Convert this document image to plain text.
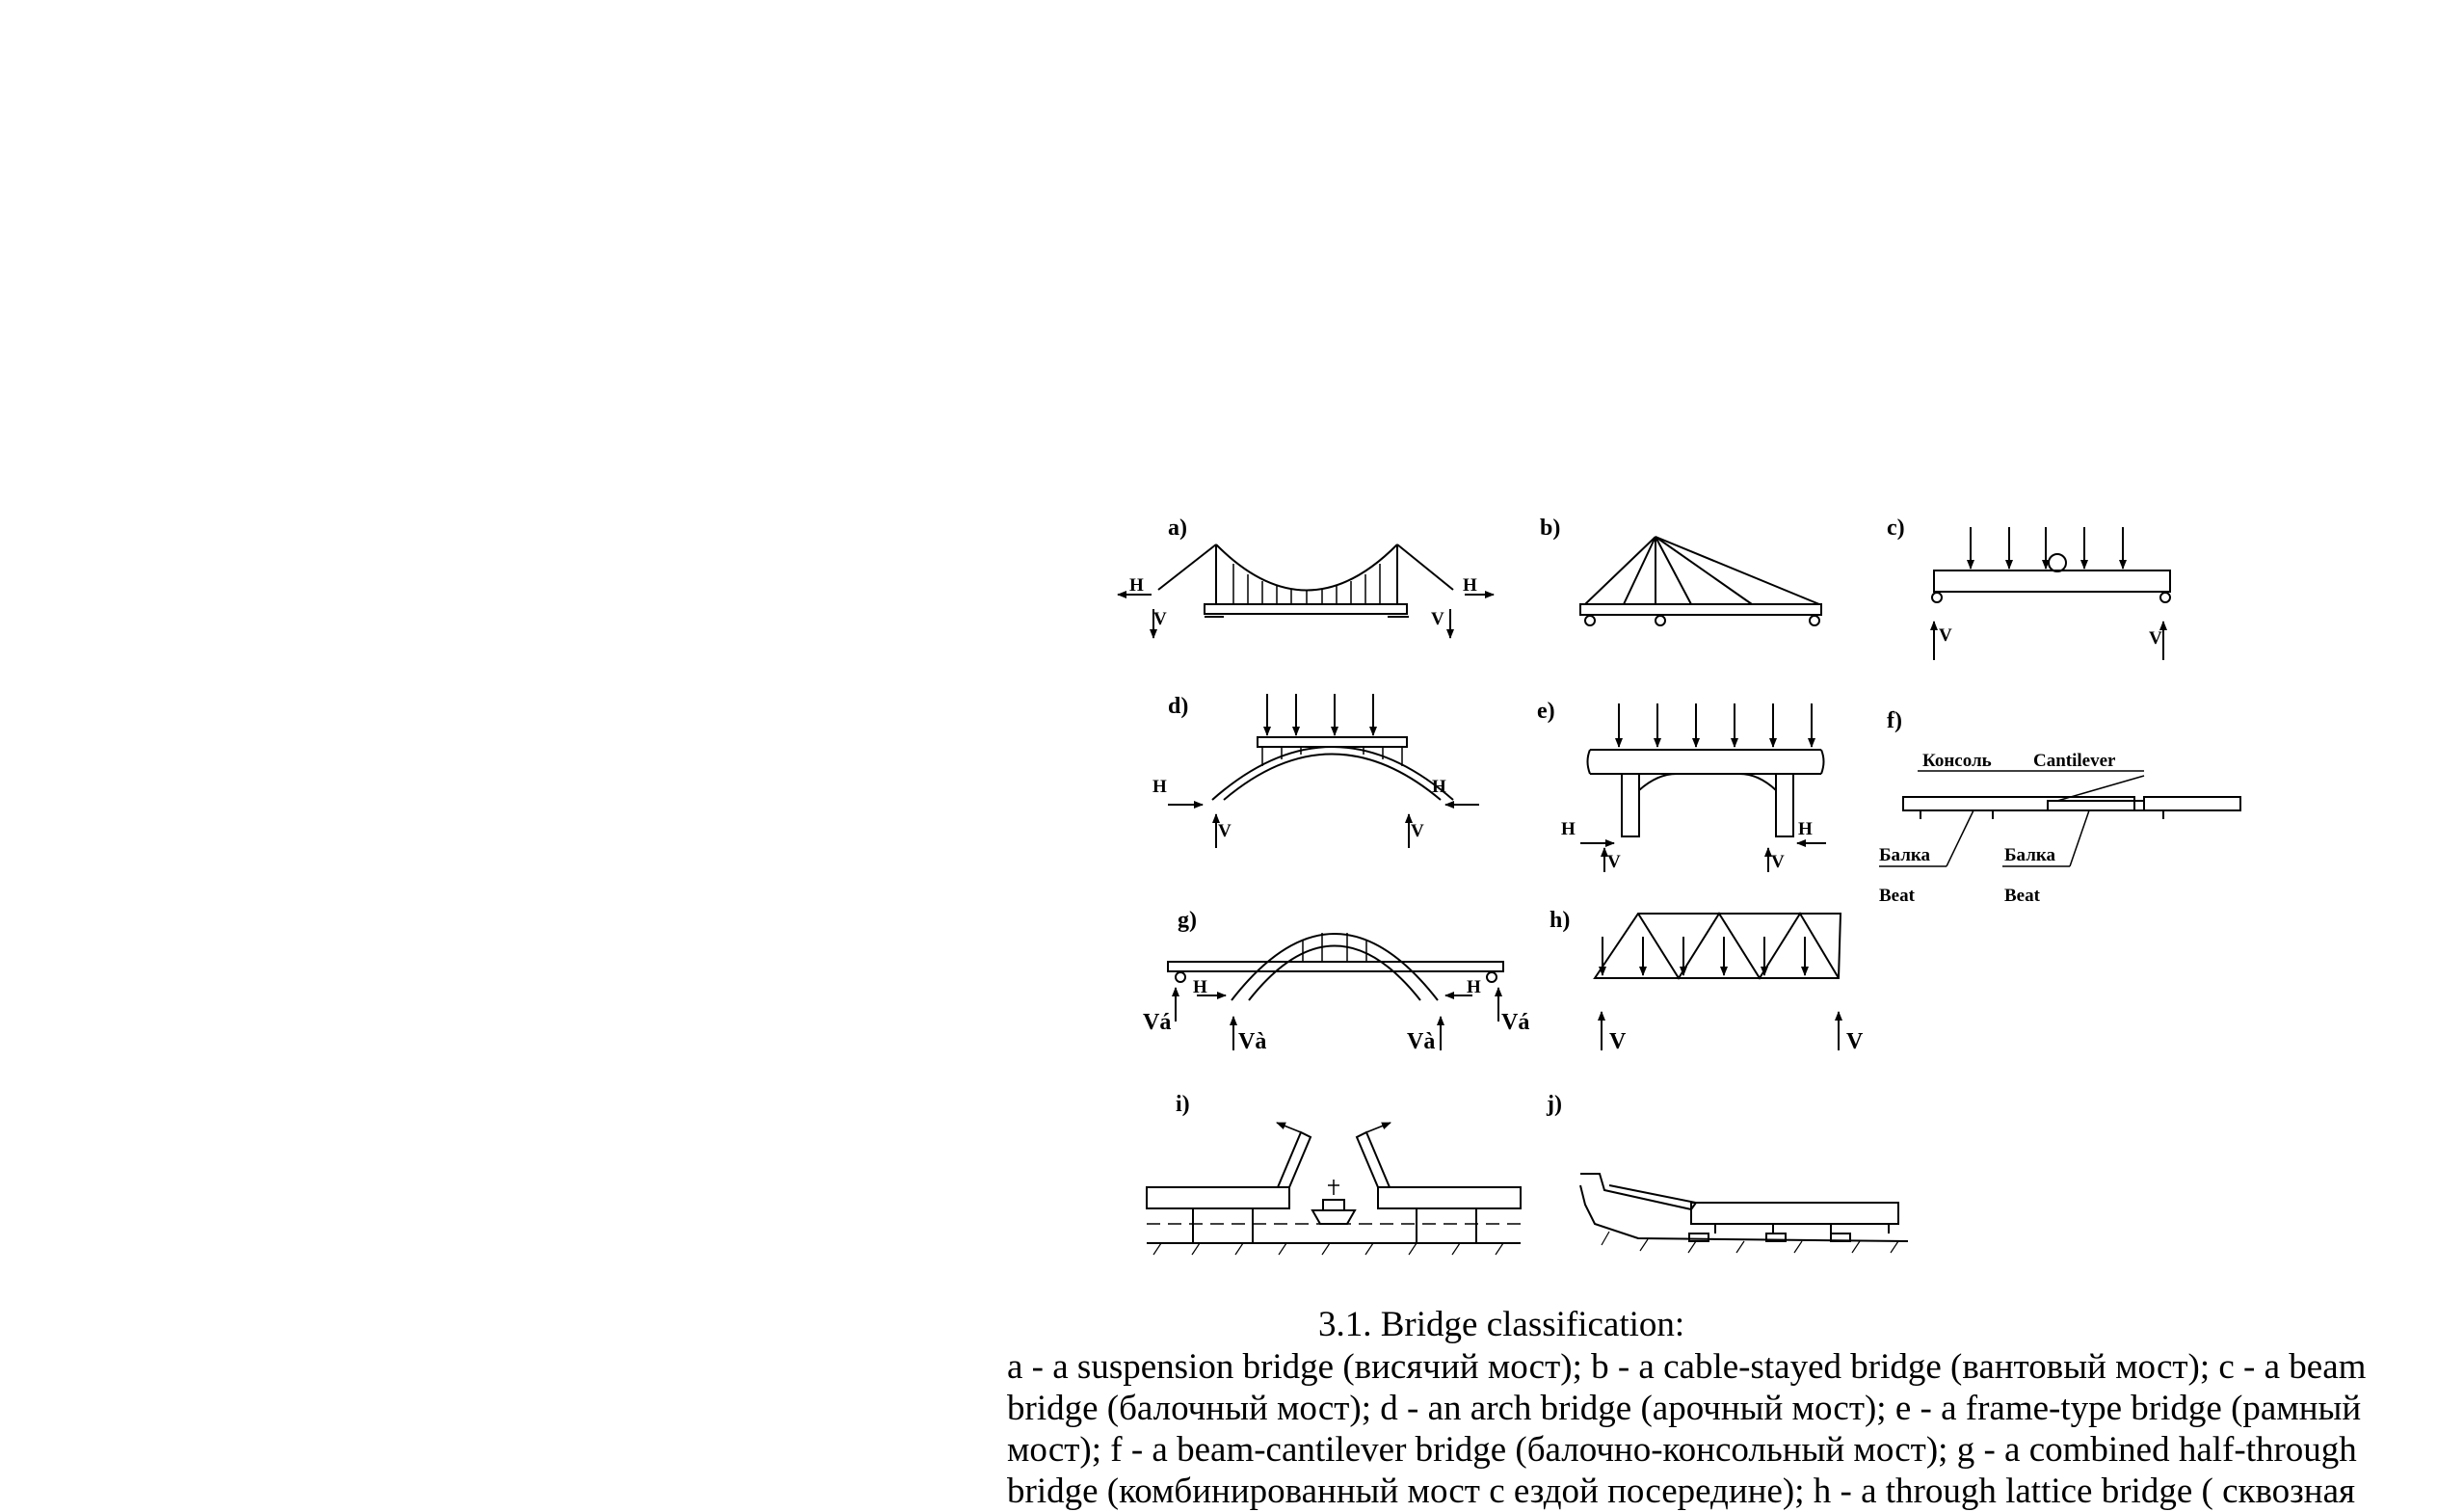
a)	b)	c)
d)	e)	f)
g)	h)
i)	j)
H
V
H
V
V	V
H	H
V	V	H	H
V	V
H	H
Vá	Vá
Và	Và	V	V
Консоль Cantilever
Балка
Beat
Балка
Beat
3.1. Bridge classification:

a - a suspension bridge (висячий мост); b - a cable-stayed bridge (вантовый мост); c - a beam

bridge (балочный мост); d - an arch bridge (арочный мост); e - a frame-type bridge (рамный

мост); f - a beam-cantilever bridge (балочно-консольный мост); g - a combined half-through

bridge (комбинированный мост с ездой посередине); h - a through lattice bridge ( сквозная
